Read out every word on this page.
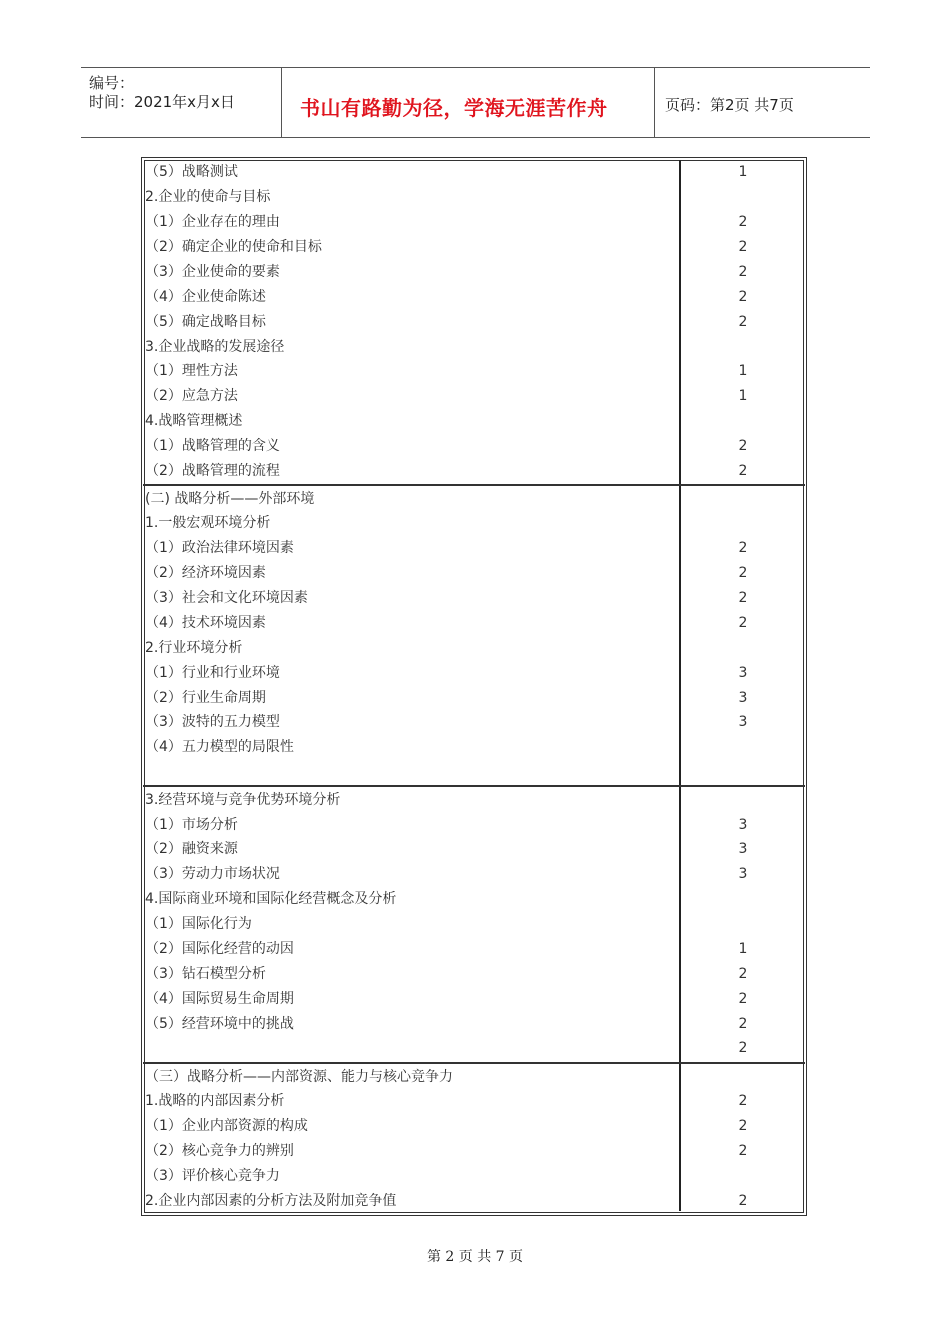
编号：
时间：2021年x月x日	书山有路勤为径，学海无涯苦作舟	页码：第2页 共7页
（5）战略测试
2.企业的使命与目标
（1）企业存在的理由
（2）确定企业的使命和目标
（3）企业使命的要素
（4）企业使命陈述
（5）确定战略目标
3.企业战略的发展途径
（1）理性方法
（2）应急方法
4.战略管理概述
（1）战略管理的含义
（2）战略管理的流程
(二) 战略分析——外部环境
1.一般宏观环境分析
（1）政治法律环境因素
（2）经济环境因素
（3）社会和文化环境因素
（4）技术环境因素
2.行业环境分析
（1）行业和行业环境
（2）行业生命周期
（3）波特的五力模型
（4）五力模型的局限性
3.经营环境与竞争优势环境分析
（1）市场分析
（2）融资来源
（3）劳动力市场状况
4.国际商业环境和国际化经营概念及分析
（1）国际化行为
（2）国际化经营的动因
（3）钻石模型分析
（4）国际贸易生命周期
（5）经营环境中的挑战
（三）战略分析——内部资源、能力与核心竞争力
1.战略的内部因素分析
（1）企业内部资源的构成
（2）核心竞争力的辨别
（3）评价核心竞争力
2.企业内部因素的分析方法及附加竞争值
1
2
2
2
2
2
1
1
2
2
2
2
2
2
3
3
3
3
3
3
1
2
2
2
2
2
2
2
2
第 2 页 共 7 页
